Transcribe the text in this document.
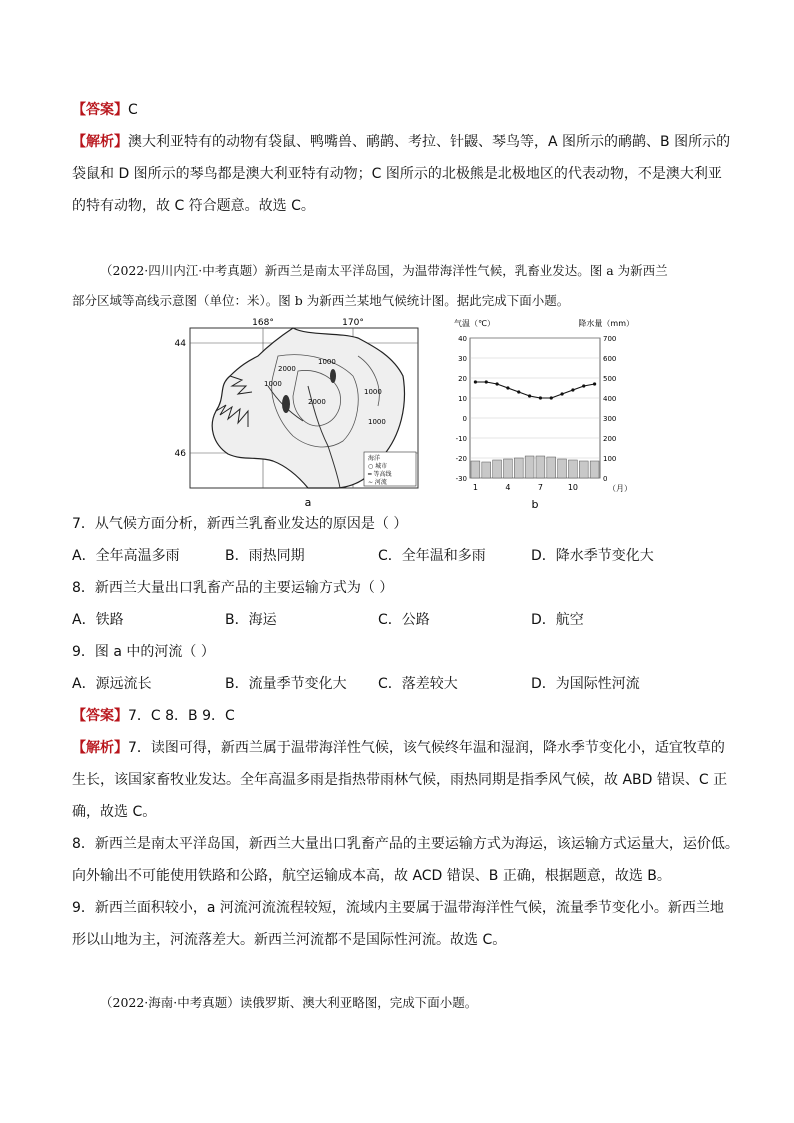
【答案】C
【解析】澳大利亚特有的动物有袋鼠、鸭嘴兽、鸸鹋、考拉、针鼹、琴鸟等，A 图所示的鸸鹋、B 图所示的
袋鼠和 D 图所示的琴鸟都是澳大利亚特有动物；C 图所示的北极熊是北极地区的代表动物，不是澳大利亚
的特有动物，故 C 符合题意。故选 C。
（2022·四川内江·中考真题）新西兰是南太平洋岛国，为温带海洋性气候，乳畜业发达。图 a 为新西兰
部分区域等高线示意图（单位：米）。图 b 为新西兰某地气候统计图。据此完成下面小题。
168°	170°
44
46
2000
1000
1000
1000
2000
1000
海洋
○ 城市
━ 等高线
∼ 河流
a
气温（℃）	降水量（mm）
40
30
20
10
0
-10
-20
-30
700
600
500
400
300
200
100
0
1	4	7	10	（月）
b
7．从气候方面分析，新西兰乳畜业发达的原因是（ ）
A．全年高温多雨	B．雨热同期	C．全年温和多雨	D．降水季节变化大
8．新西兰大量出口乳畜产品的主要运输方式为（ ）
A．铁路	B．海运	C．公路	D．航空
9．图 a 中的河流（ ）
A．源远流长	B．流量季节变化大 C．落差较大	D．为国际性河流
【答案】7．C 8．B 9．C
【解析】7．读图可得，新西兰属于温带海洋性气候，该气候终年温和湿润，降水季节变化小，适宜牧草的
生长，该国家畜牧业发达。全年高温多雨是指热带雨林气候，雨热同期是指季风气候，故 ABD 错误、C 正
确，故选 C。
8．新西兰是南太平洋岛国，新西兰大量出口乳畜产品的主要运输方式为海运，该运输方式运量大，运价低。
向外输出不可能使用铁路和公路，航空运输成本高，故 ACD 错误、B 正确，根据题意，故选 B。
9．新西兰面积较小，a 河流河流流程较短，流域内主要属于温带海洋性气候，流量季节变化小。新西兰地
形以山地为主，河流落差大。新西兰河流都不是国际性河流。故选 C。
（2022·海南·中考真题）读俄罗斯、澳大利亚略图，完成下面小题。
